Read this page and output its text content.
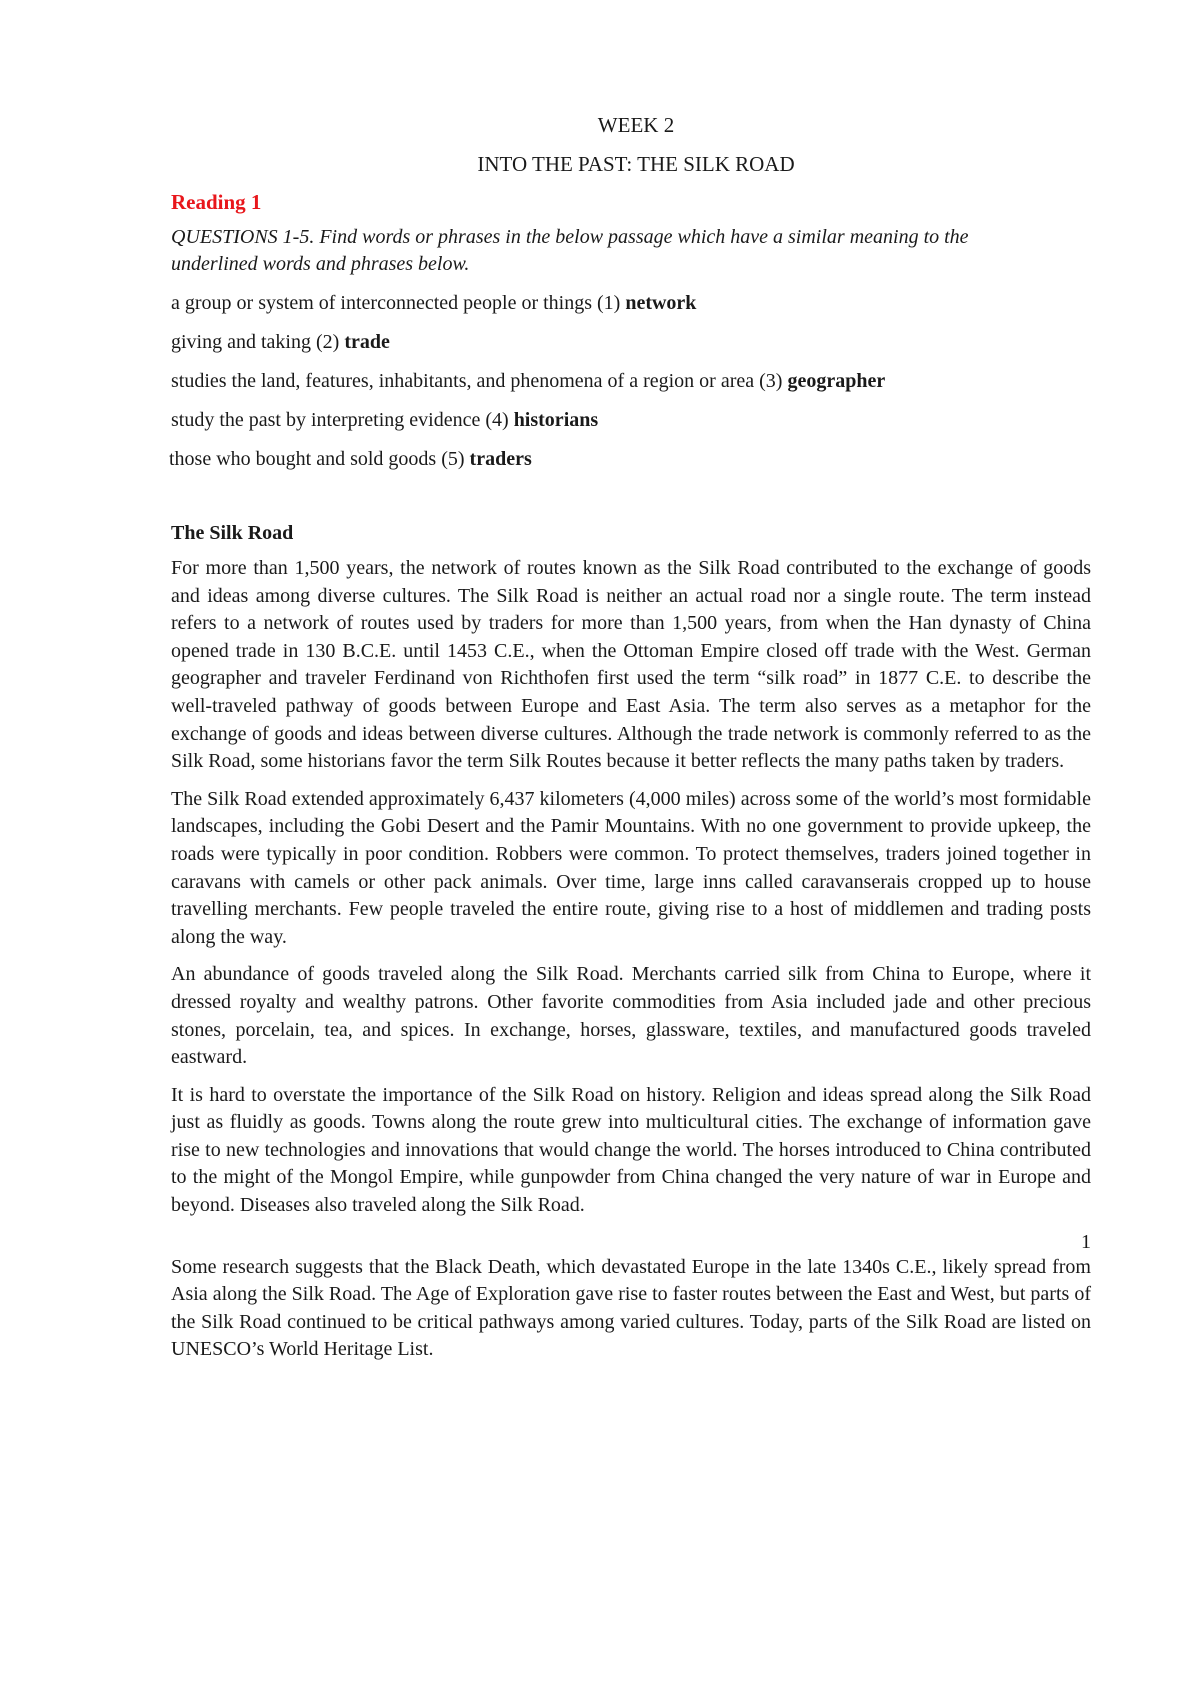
WEEK 2
INTO THE PAST: THE SILK ROAD
Reading 1
QUESTIONS 1-5. Find words or phrases in the below passage which have a similar meaning to the underlined words and phrases below.
a group or system of interconnected people or things (1) network
giving and taking (2) trade
studies the land, features, inhabitants, and phenomena of a region or area (3) geographer
study the past by interpreting evidence (4) historians
those who bought and sold goods (5) traders
The Silk Road

For more than 1,500 years, the network of routes known as the Silk Road contributed to the exchange of goods and ideas among diverse cultures. The Silk Road is neither an actual road nor a single route. The term instead refers to a network of routes used by traders for more than 1,500 years, from when the Han dynasty of China opened trade in 130 B.C.E. until 1453 C.E., when the Ottoman Empire closed off trade with the West. German geographer and traveler Ferdinand von Richthofen first used the term “silk road” in 1877 C.E. to describe the well-traveled pathway of goods between Europe and East Asia. The term also serves as a metaphor for the exchange of goods and ideas between diverse cultures. Although the trade network is commonly referred to as the Silk Road, some historians favor the term Silk Routes because it better reflects the many paths taken by traders.

The Silk Road extended approximately 6,437 kilometers (4,000 miles) across some of the world’s most formidable landscapes, including the Gobi Desert and the Pamir Mountains. With no one government to provide upkeep, the roads were typically in poor condition. Robbers were common. To protect themselves, traders joined together in caravans with camels or other pack animals. Over time, large inns called caravanserais cropped up to house travelling merchants. Few people traveled the entire route, giving rise to a host of middlemen and trading posts along the way.

An abundance of goods traveled along the Silk Road. Merchants carried silk from China to Europe, where it dressed royalty and wealthy patrons. Other favorite commodities from Asia included jade and other precious stones, porcelain, tea, and spices. In exchange, horses, glassware, textiles, and manufactured goods traveled eastward.

It is hard to overstate the importance of the Silk Road on history. Religion and ideas spread along the Silk Road just as fluidly as goods. Towns along the route grew into multicultural cities. The exchange of information gave rise to new technologies and innovations that would change the world. The horses introduced to China contributed to the might of the Mongol Empire, while gunpowder from China changed the very nature of war in Europe and beyond. Diseases also traveled along the Silk Road.

1

Some research suggests that the Black Death, which devastated Europe in the late 1340s C.E., likely spread from Asia along the Silk Road. The Age of Exploration gave rise to faster routes between the East and West, but parts of the Silk Road continued to be critical pathways among varied cultures. Today, parts of the Silk Road are listed on UNESCO’s World Heritage List.
